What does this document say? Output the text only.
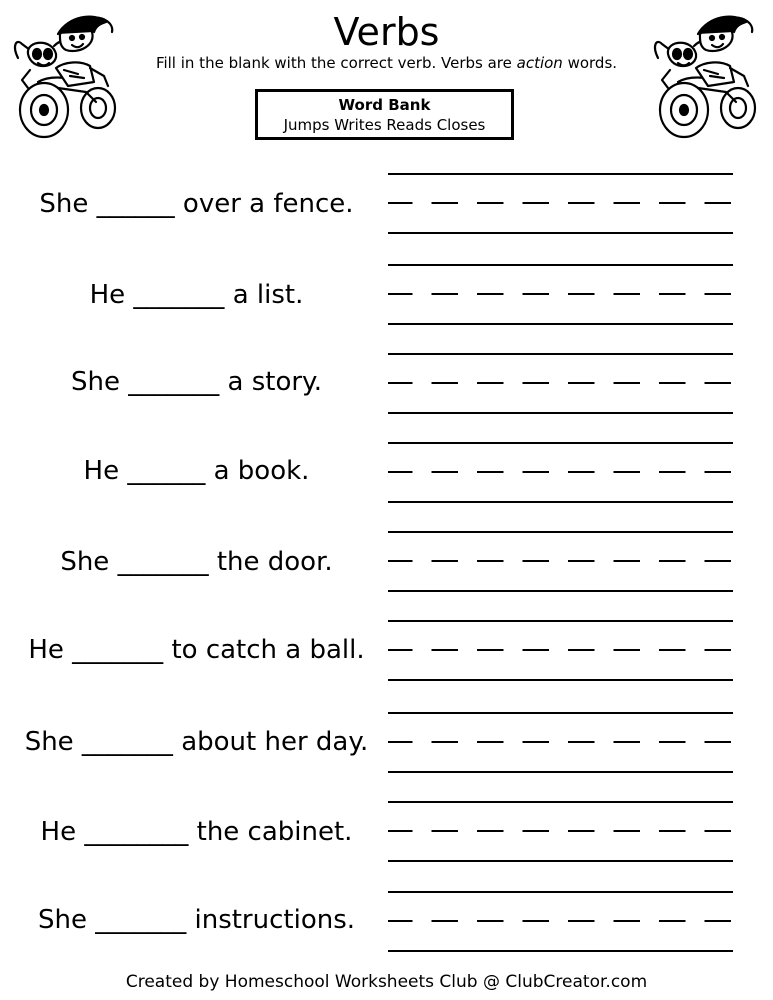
Verbs
Fill in the blank with the correct verb. Verbs are action words.
Word Bank
Jumps Writes Reads Closes
She ______ over a fence.
He _______ a list.
She _______ a story.
He ______ a book.
She _______ the door.
He _______ to catch a ball.
She _______ about her day.
He ________ the cabinet.
She _______ instructions.
Created by Homeschool Worksheets Club @ ClubCreator.com
